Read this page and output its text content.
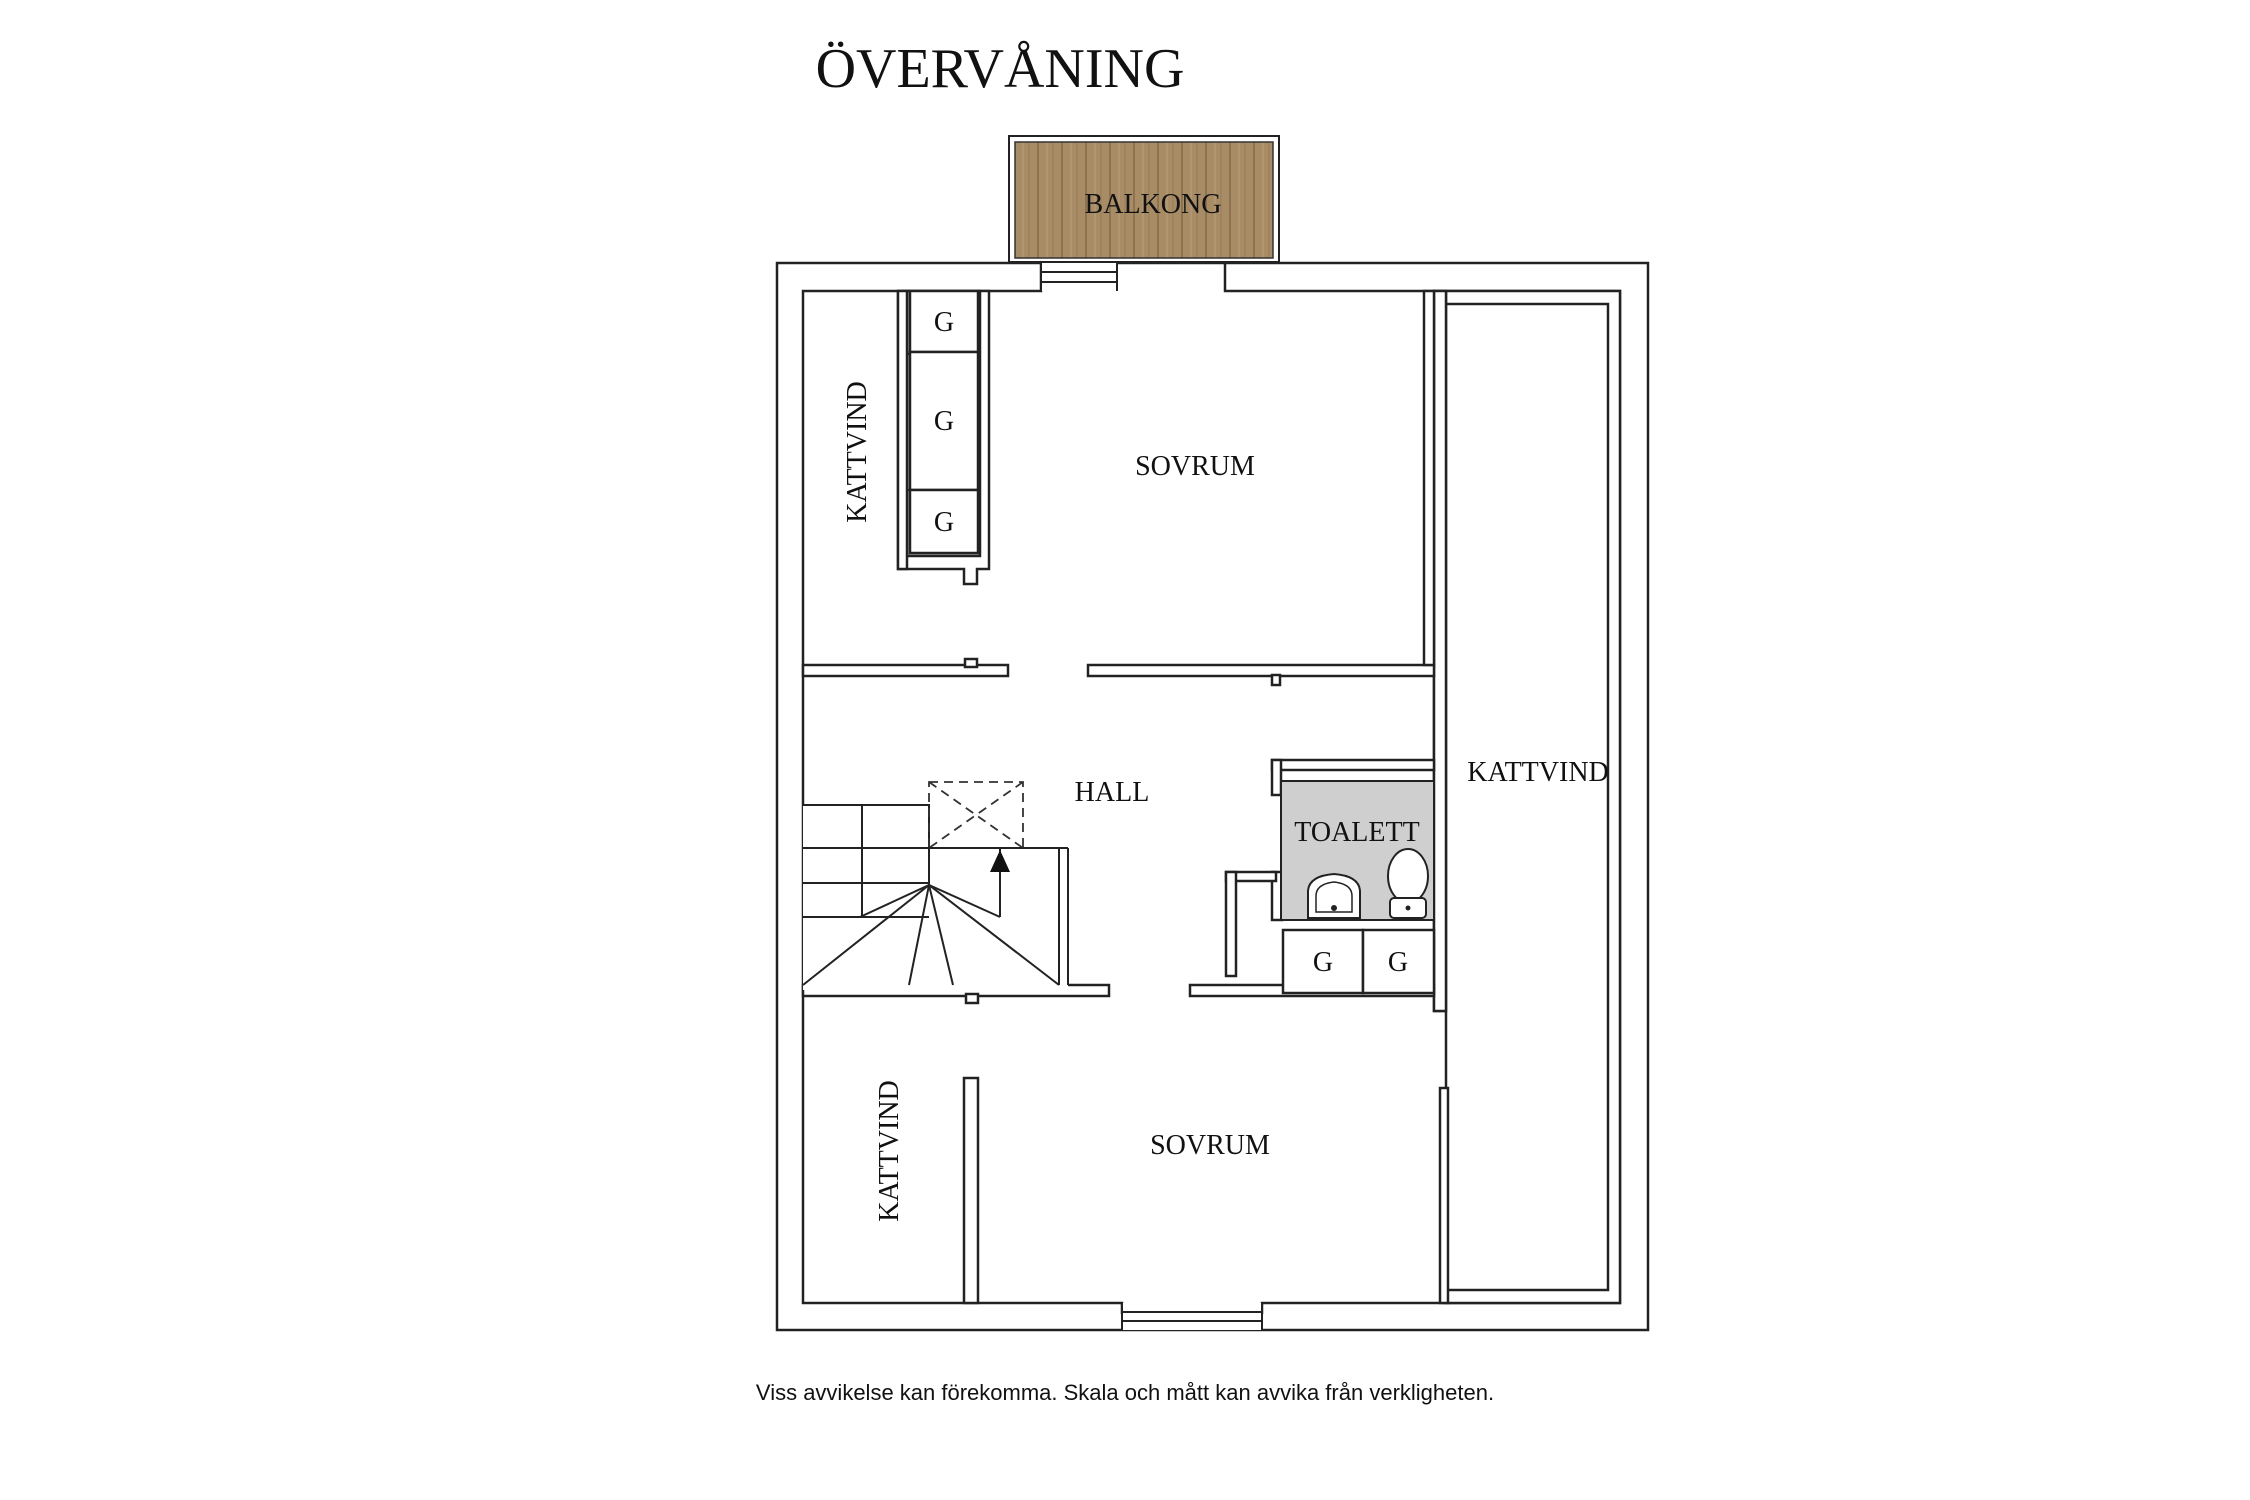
ÖVERVÅNING
BALKONG
G
G
G
TOALETT
G G
SOVRUM
HALL
SOVRUM
KATTVIND
KATTVIND
KATTVIND
Viss avvikelse kan förekomma. Skala och mått kan avvika från verkligheten.
